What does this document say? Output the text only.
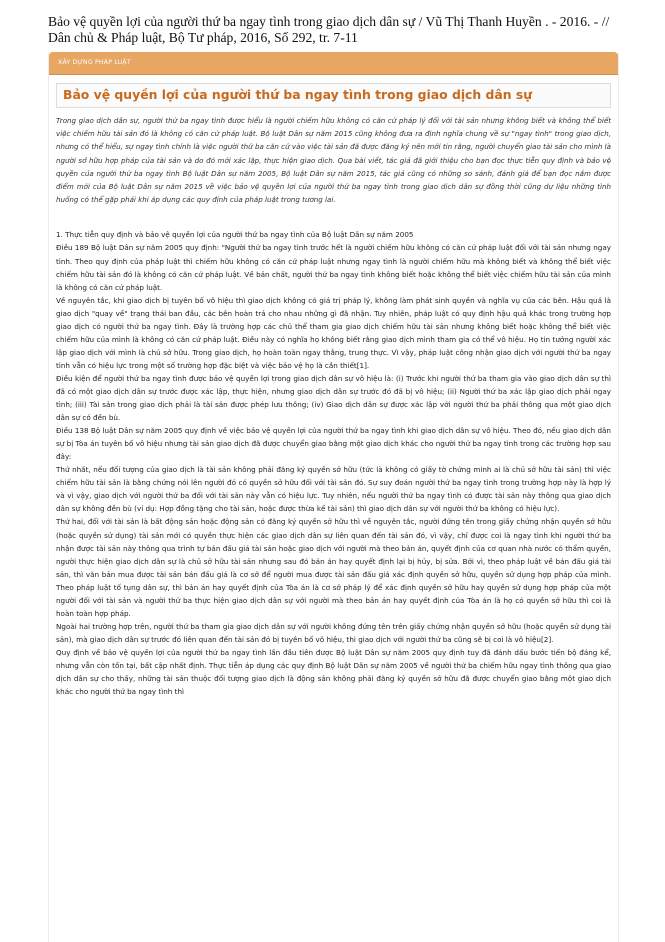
Bảo vệ quyền lợi của người thứ ba ngay tình trong giao dịch dân sự / Vũ Thị Thanh Huyền . - 2016. - // Dân chủ & Pháp luật, Bộ Tư pháp, 2016, Số 292, tr. 7-11
XÂY DỰNG PHÁP LUẬT
Bảo vệ quyền lợi của người thứ ba ngay tình trong giao dịch dân sự

Trong giao dịch dân sự, người thứ ba ngay tình được hiểu là người chiếm hữu không có căn cứ pháp lý đối với tài sản nhưng không biết và không thể biết việc chiếm hữu tài sản đó là không có căn cứ pháp luật. Bộ luật Dân sự năm 2015 cũng không đưa ra định nghĩa chung về sự "ngay tình" trong giao dịch, nhưng có thể hiểu, sự ngay tình chính là việc người thứ ba căn cứ vào việc tài sản đã được đăng ký nên mới tin rằng, người chuyển giao tài sản cho mình là người sở hữu hợp pháp của tài sản và do đó mới xác lập, thực hiện giao dịch. Qua bài viết, tác giả đã giới thiệu cho bạn đọc thực tiễn quy định và bảo vệ quyền của người thứ ba ngay tình Bộ luật Dân sự năm 2005, Bộ luật Dân sự năm 2015, tác giả cũng có những so sánh, đánh giá để bạn đọc nắm được điểm mới của Bộ luật Dân sự năm 2015 về việc bảo vệ quyền lợi của người thứ ba ngay tình trong giao dịch dân sự đồng thời cũng dự liệu những tình huống có thể gặp phải khi áp dụng các quy định của pháp luật trong tương lai.

1. Thực tiễn quy định và bảo vệ quyền lợi của người thứ ba ngay tình của Bộ luật Dân sự năm 2005

Điều 189 Bộ luật Dân sự năm 2005 quy định: "Người thứ ba ngay tình trước hết là người chiếm hữu không có căn cứ pháp luật đối với tài sản nhưng ngay tình. Theo quy định của pháp luật thì chiếm hữu không có căn cứ pháp luật nhưng ngay tình là người chiếm hữu mà không biết và không thể biết việc chiếm hữu tài sản đó là không có căn cứ pháp luật. Về bản chất, người thứ ba ngay tình không biết hoặc không thể biết việc chiếm hữu tài sản của mình là không có căn cứ pháp luật.

Về nguyên tắc, khi giao dịch bị tuyên bố vô hiệu thì giao dịch không có giá trị pháp lý, không làm phát sinh quyền và nghĩa vụ của các bên. Hậu quả là giao dịch "quay về" trạng thái ban đầu, các bên hoàn trả cho nhau những gì đã nhận. Tuy nhiên, pháp luật có quy định hậu quả khác trong trường hợp giao dịch có người thứ ba ngay tình. Đây là trường hợp các chủ thể tham gia giao dịch chiếm hữu tài sản nhưng không biết hoặc không thể biết việc chiếm hữu của mình là không có căn cứ pháp luật. Điều này có nghĩa họ không biết rằng giao dịch mình tham gia có thể vô hiệu. Họ tin tưởng người xác lập giao dịch với mình là chủ sở hữu. Trong giao dịch, họ hoàn toàn ngay thẳng, trung thực. Vì vậy, pháp luật công nhận giao dịch với người thứ ba ngay tình vẫn có hiệu lực trong một số trường hợp đặc biệt và việc bảo vệ họ là cần thiết[1].

Điều kiện để người thứ ba ngay tình được bảo vệ quyền lợi trong giao dịch dân sự vô hiệu là: (i) Trước khi người thứ ba tham gia vào giao dịch dân sự thì đã có một giao dịch dân sự trước được xác lập, thực hiện, nhưng giao dịch dân sự trước đó đã bị vô hiệu; (ii) Người thứ ba xác lập giao dịch phải ngay tình; (iii) Tài sản trong giao dịch phải là tài sản được phép lưu thông; (iv) Giao dịch dân sự được xác lập với người thứ ba phải thông qua một giao dịch dân sự có đền bù.

Điều 138 Bộ luật Dân sự năm 2005 quy định về việc bảo vệ quyền lợi của người thứ ba ngay tình khi giao dịch dân sự vô hiệu. Theo đó, nếu giao dịch dân sự bị Tòa án tuyên bố vô hiệu nhưng tài sản giao dịch đã được chuyển giao bằng một giao dịch khác cho người thứ ba ngay tình trong các trường hợp sau đây:

Thứ nhất, nếu đối tượng của giao dịch là tài sản không phải đăng ký quyền sở hữu (tức là không có giấy tờ chứng minh ai là chủ sở hữu tài sản) thì việc chiếm hữu tài sản là bằng chứng nói lên người đó có quyền sở hữu đối với tài sản đó. Sự suy đoán người thứ ba ngay tình trong trường hợp này là hợp lý và vì vậy, giao dịch với người thứ ba đối với tài sản này vẫn có hiệu lực. Tuy nhiên, nếu người thứ ba ngay tình có được tài sản này thông qua giao dịch dân sự không đền bù (ví dụ: Hợp đồng tặng cho tài sản, hoặc được thừa kế tài sản) thì giao dịch dân sự với người thứ ba không có hiệu lực).

Thứ hai, đối với tài sản là bất động sản hoặc động sản có đăng ký quyền sở hữu thì về nguyên tắc, người đứng tên trong giấy chứng nhận quyền sở hữu (hoặc quyền sử dụng) tài sản mới có quyền thực hiện các giao dịch dân sự liên quan đến tài sản đó, vì vậy, chỉ được coi là ngay tình khi người thứ ba nhận được tài sản này thông qua trình tự bán đấu giá tài sản hoặc giao dịch với người mà theo bản án, quyết định của cơ quan nhà nước có thẩm quyền, người thực hiện giao dịch dân sự là chủ sở hữu tài sản nhưng sau đó bản án hay quyết định lại bị hủy, bị sửa. Bởi vì, theo pháp luật về bán đấu giá tài sản, thì văn bản mua được tài sản bán đấu giá là cơ sở để người mua được tài sản đấu giá xác định quyền sở hữu, quyền sử dụng hợp pháp của mình. Theo pháp luật tố tụng dân sự, thì bản án hay quyết định của Tòa án là cơ sở pháp lý để xác định quyền sở hữu hay quyền sử dụng hợp pháp của một người đối với tài sản và người thứ ba thực hiện giao dịch dân sự với người mà theo bản án hay quyết định của Tòa án là họ có quyền sở hữu thì coi là hoàn toàn hợp pháp.

Ngoài hai trường hợp trên, người thứ ba tham gia giao dịch dân sự với người không đứng tên trên giấy chứng nhận quyền sở hữu (hoặc quyền sử dụng tài sản), mà giao dịch dân sự trước đó liên quan đến tài sản đó bị tuyên bố vô hiệu, thì giao dịch với người thứ ba cũng sẽ bị coi là vô hiệu[2].

Quy định về bảo vệ quyền lợi của người thứ ba ngay tình lần đầu tiên được Bộ luật Dân sự năm 2005 quy định tuy đã đánh dấu bước tiến bộ đáng kể, nhưng vẫn còn tồn tại, bất cập nhất định. Thực tiễn áp dụng các quy định Bộ luật Dân sự năm 2005 về người thứ ba chiếm hữu ngay tình thông qua giao dịch dân sự cho thấy, những tài sản thuộc đối tượng giao dịch là động sản không phải đăng ký quyền sở hữu đã được chuyển giao bằng một giao dịch khác cho người thứ ba ngay tình thì
